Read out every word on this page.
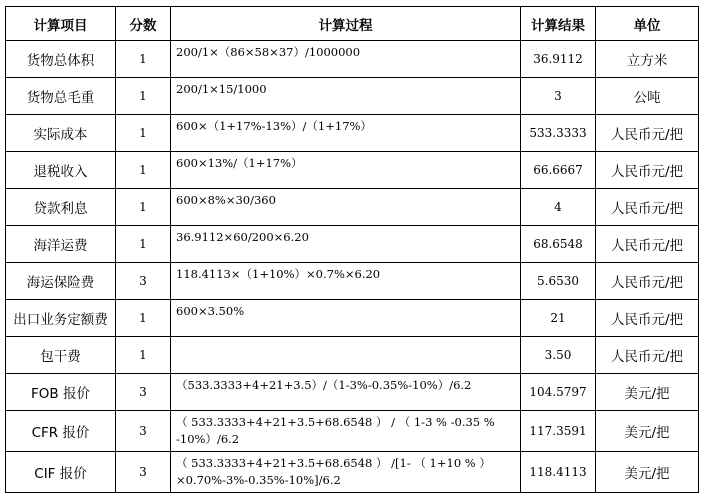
计算项目	分数	计算过程	计算结果	单位
货物总体积	1	200/1×（86×58×37）/1000000	36.9112	立方米
货物总毛重	1	200/1×15/1000	3	公吨
实际成本	1	600×（1+17%-13%）/（1+17%）	533.3333	人民币元/把
退税收入	1	600×13%/（1+17%）	66.6667	人民币元/把
贷款利息	1	600×8%×30/360	4	人民币元/把
海洋运费	1	36.9112×60/200×6.20	68.6548	人民币元/把
海运保险费	3	118.4113×（1+10%）×0.7%×6.20	5.6530	人民币元/把
出口业务定额费	1	600×3.50%	21	人民币元/把
包干费	1		3.50	人民币元/把
FOB 报价	3	（533.3333+4+21+3.5）/（1-3%-0.35%-10%）/6.2	104.5797	美元/把
CFR 报价	3	（ 533.3333+4+21+3.5+68.6548 ） / （ 1-3 % -0.35 %
-10%）/6.2	117.3591	美元/把
CIF 报价	3	（ 533.3333+4+21+3.5+68.6548 ） /[1- （ 1+10 % ）
×0.70%-3%-0.35%-10%]/6.2	118.4113	美元/把
